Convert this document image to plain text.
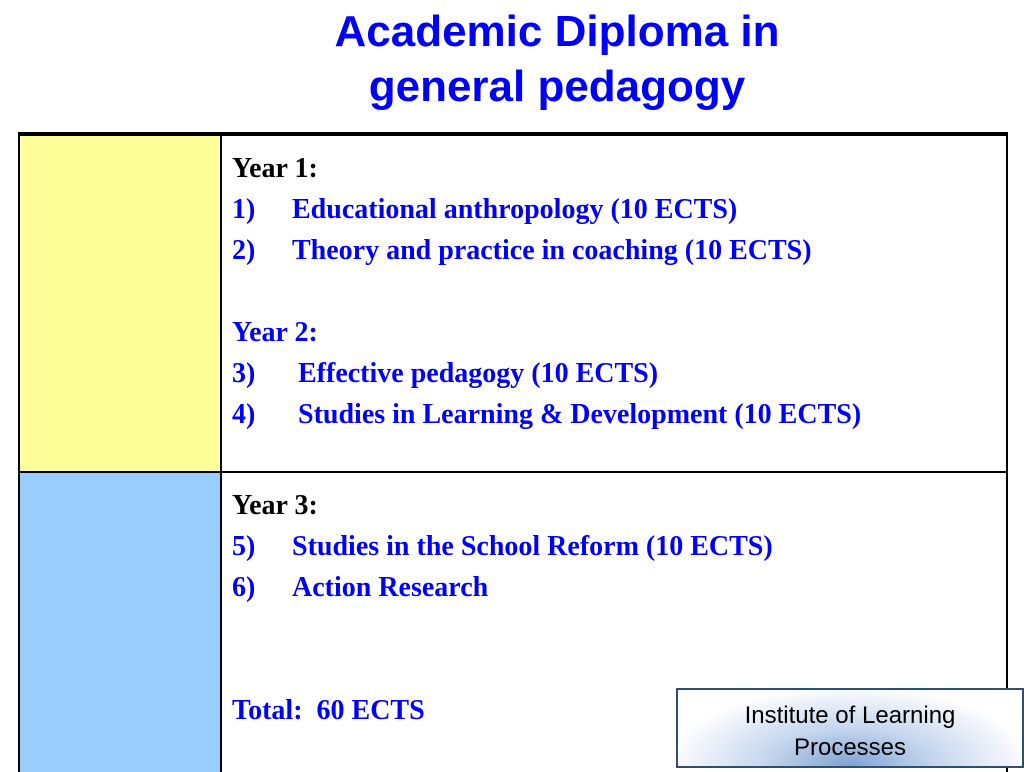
Academic Diploma in
general pedagogy
Year 1:
1) Educational anthropology (10 ECTS)
2) Theory and practice in coaching (10 ECTS)
Year 2:
3) Effective pedagogy (10 ECTS)
4) Studies in Learning & Development (10 ECTS)
Year 3:
5) Studies in the School Reform (10 ECTS)
6) Action Research
Total:  60 ECTS	Institute of Learning
Processes
